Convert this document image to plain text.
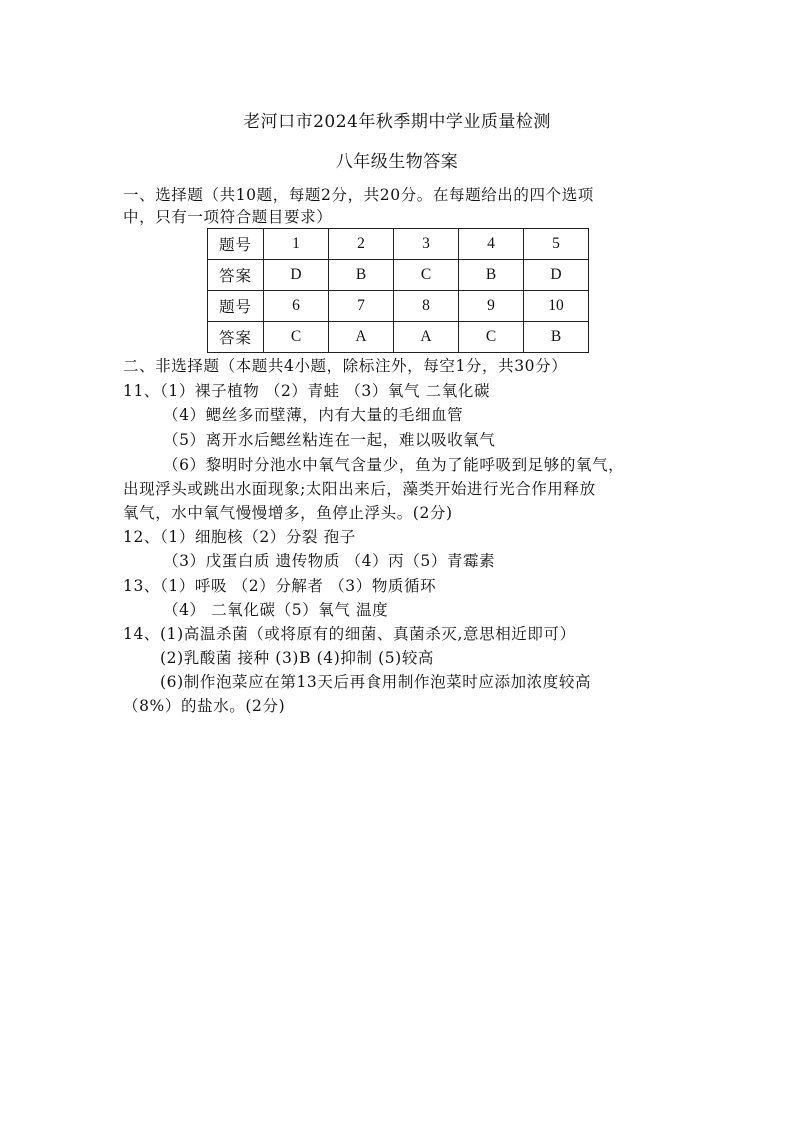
老河口市2024年秋季期中学业质量检测
八年级生物答案
一、选择题（共10题，每题2分，共20分。在每题给出的四个选项
中，只有一项符合题目要求）
题号	1	2	3	4	5
答案	D	B	C	B	D
题号	6	7	8	9	10
答案	C	A	A	C	B
二、非选择题（本题共4小题，除标注外，每空1分，共30分）
11、（1）裸子植物 （2）青蛙 （3）氧气 二氧化碳
（4）鳃丝多而壁薄，内有大量的毛细血管
（5）离开水后鳃丝粘连在一起，难以吸收氧气
（6）黎明时分池水中氧气含量少，鱼为了能呼吸到足够的氧气，
出现浮头或跳出水面现象;太阳出来后，藻类开始进行光合作用释放
氧气，水中氧气慢慢增多，鱼停止浮头。(2分)
12、（1）细胞核（2）分裂 孢子
（3）戊蛋白质 遗传物质 （4）丙（5）青霉素
13、（1）呼吸 （2）分解者 （3）物质循环
（4） 二氧化碳（5）氧气 温度
14、(1)高温杀菌（或将原有的细菌、真菌杀灭,意思相近即可）
(2)乳酸菌 接种 (3)B (4)抑制 (5)较高
(6)制作泡菜应在第13天后再食用制作泡菜时应添加浓度较高
（8%）的盐水。(2分)
